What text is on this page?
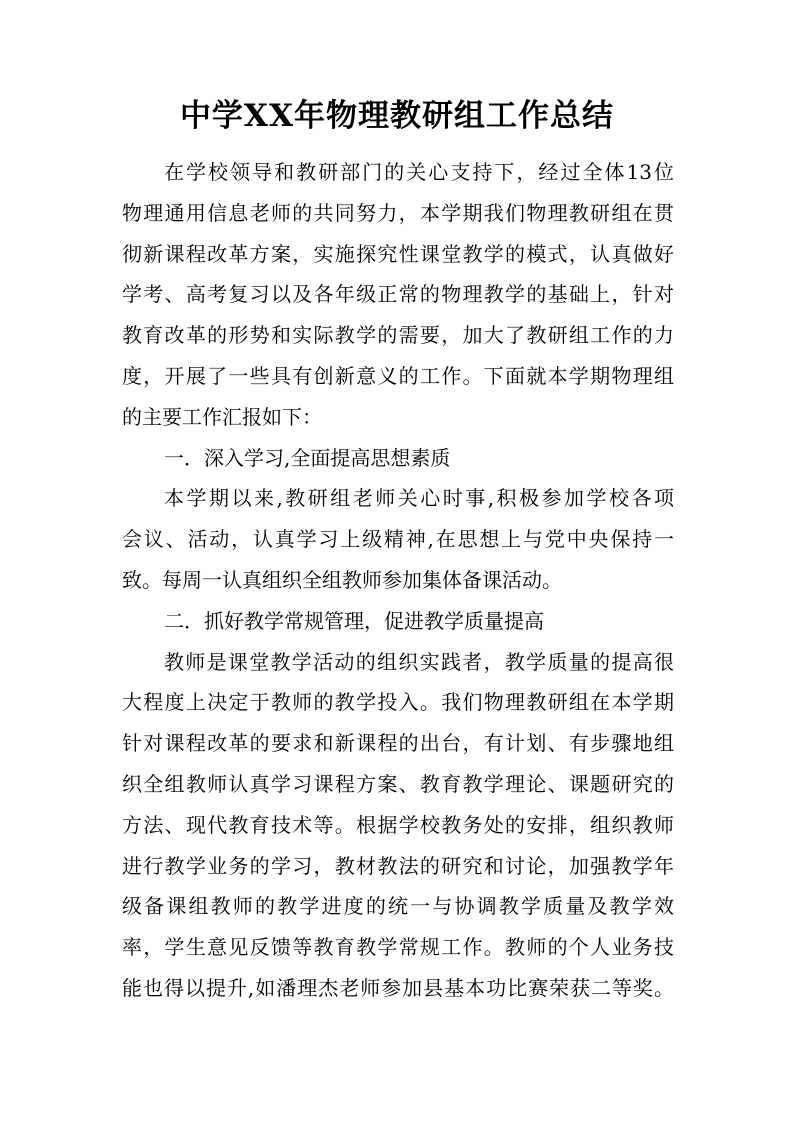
中学XX年物理教研组工作总结
在学校领导和教研部门的关心支持下，经过全体13位
物理通用信息老师的共同努力，本学期我们物理教研组在贯
彻新课程改革方案，实施探究性课堂教学的模式，认真做好
学考、高考复习以及各年级正常的物理教学的基础上，针对
教育改革的形势和实际教学的需要，加大了教研组工作的力
度，开展了一些具有创新意义的工作。下面就本学期物理组
的主要工作汇报如下：
一．深入学习,全面提高思想素质
本学期以来,教研组老师关心时事,积极参加学校各项
会议、活动，认真学习上级精神,在思想上与党中央保持一
致。每周一认真组织全组教师参加集体备课活动。
二．抓好教学常规管理，促进教学质量提高
教师是课堂教学活动的组织实践者，教学质量的提高很
大程度上决定于教师的教学投入。我们物理教研组在本学期
针对课程改革的要求和新课程的出台，有计划、有步骤地组
织全组教师认真学习课程方案、教育教学理论、课题研究的
方法、现代教育技术等。根据学校教务处的安排，组织教师
进行教学业务的学习，教材教法的研究和讨论，加强教学年
级备课组教师的教学进度的统一与协调教学质量及教学效
率，学生意见反馈等教育教学常规工作。教师的个人业务技
能也得以提升,如潘理杰老师参加县基本功比赛荣获二等奖。
